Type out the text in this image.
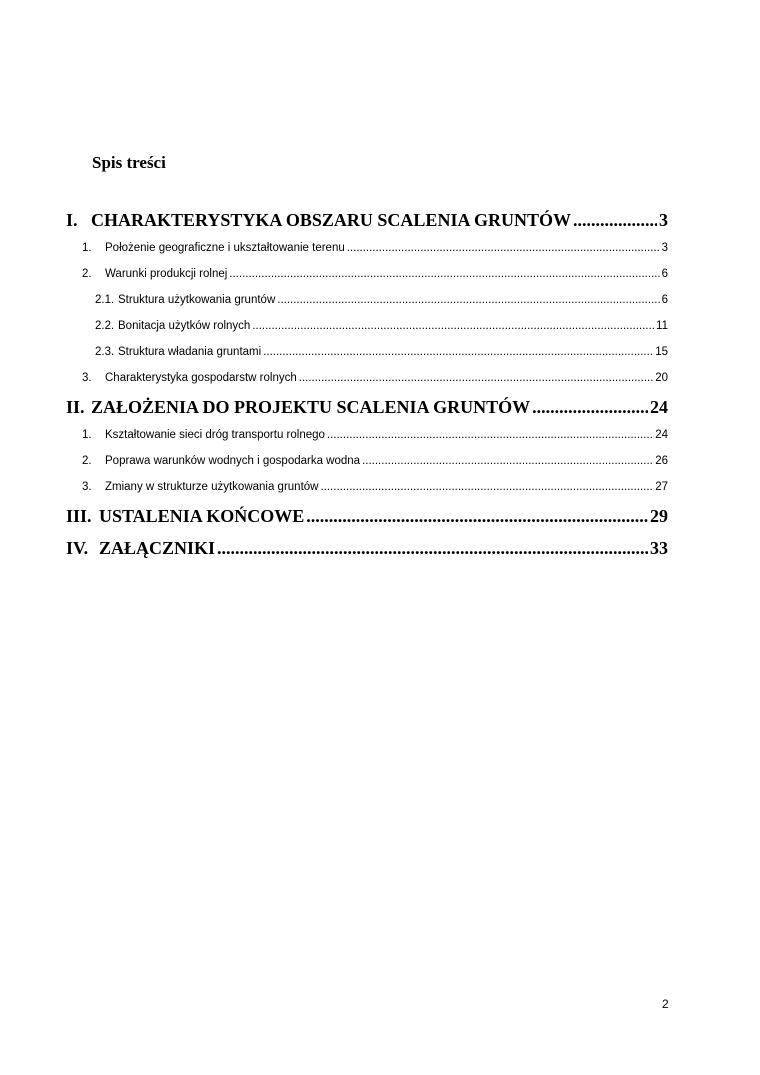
Spis treści
I. CHARAKTERYSTYKA OBSZARU SCALENIA GRUNTÓW .....	3
1.	Położenie geograficzne i ukształtowanie terenu .....	3
2.	Warunki produkcji rolnej .....	6
2.1. Struktura użytkowania gruntów .....	6
2.2. Bonitacja użytków rolnych .....	11
2.3. Struktura władania gruntami .....	15
3.	Charakterystyka gospodarstw rolnych .....	20
II. ZAŁOŻENIA DO PROJEKTU SCALENIA GRUNTÓW .....	24
1.	Kształtowanie sieci dróg transportu rolnego .....	24
2.	Poprawa warunków wodnych i gospodarka wodna .....	26
3.	Zmiany w strukturze użytkowania gruntów .....	27
III. USTALENIA KOŃCOWE .....	29
IV. ZAŁĄCZNIKI .....	33
2
